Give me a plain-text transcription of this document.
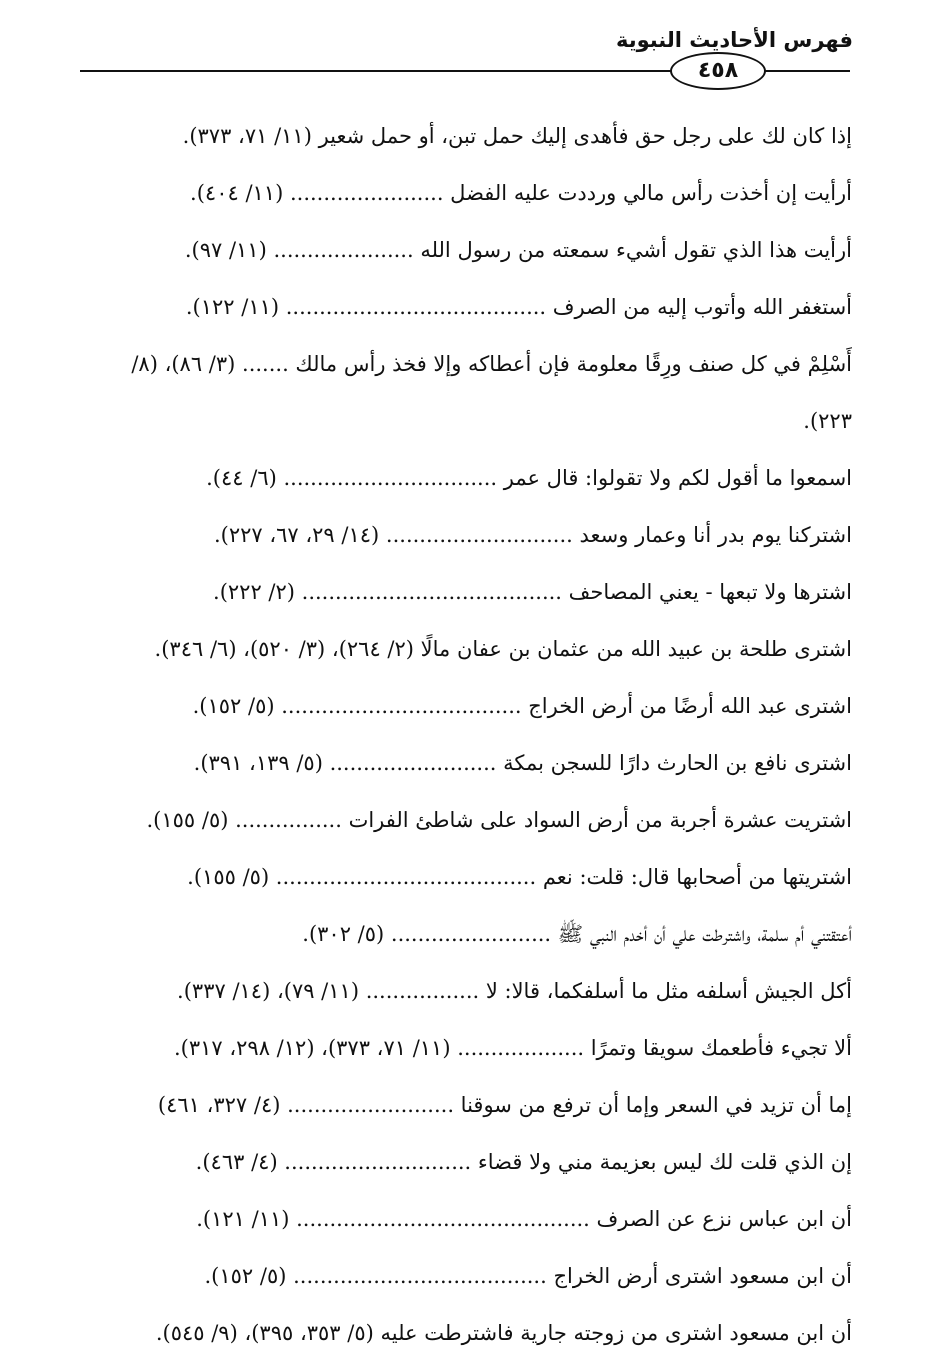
فهرس الأحاديث النبوية
٤٥٨
إذا كان لك على رجل حق فأهدى إليك حمل تبن، أو حمل شعير (١١/ ٧١، ٣٧٣).
أرأيت إن أخذت رأس مالي ورددت عليه الفضل ....................... (١١/ ٤٠٤).
أرأيت هذا الذي تقول أشيء سمعته من رسول الله ..................... (١١/ ٩٧).
أستغفر الله وأتوب إليه من الصرف ....................................... (١١/ ١٢٢).
أَسْلِمْ في كل صنف ورِقًا معلومة فإن أعطاكه وإلا فخذ رأس مالك ....... (٣/ ٨٦)، (٨/ ٢٢٣).
اسمعوا ما أقول لكم ولا تقولوا: قال عمر ................................ (٦/ ٤٤).
اشتركنا يوم بدر أنا وعمار وسعد ............................ (١٤/ ٢٩، ٦٧، ٢٢٧).
اشترها ولا تبعها - يعني المصاحف ....................................... (٢/ ٢٢٢).
اشترى طلحة بن عبيد الله من عثمان بن عفان مالًا (٢/ ٢٦٤)، (٣/ ٥٢٠)، (٦/ ٣٤٦).
اشترى عبد الله أرضًا من أرض الخراج .................................... (٥/ ١٥٢).
اشترى نافع بن الحارث دارًا للسجن بمكة ......................... (٥/ ١٣٩، ٣٩١).
اشتريت عشرة أجربة من أرض السواد على شاطئ الفرات ................ (٥/ ١٥٥).
اشتريتها من أصحابها قال: قلت: نعم ....................................... (٥/ ١٥٥).
أعتقتني أم سلمة، واشترطت علي أن أخدم النبي ﷺ ........................ (٥/ ٣٠٢).
أكل الجيش أسلفه مثل ما أسلفكما، قالا: لا ................. (١١/ ٧٩)، (١٤/ ٣٣٧).
ألا تجيء فأطعمك سويقا وتمرًا ................... (١١/ ٧١، ٣٧٣)، (١٢/ ٢٩٨، ٣١٧).
إما أن تزيد في السعر وإما أن ترفع من سوقنا ......................... (٤/ ٣٢٧، ٤٦١)
إن الذي قلت لك ليس بعزيمة مني ولا قضاء ............................ (٤/ ٤٦٣).
أن ابن عباس نزع عن الصرف ............................................ (١١/ ١٢١).
أن ابن مسعود اشترى أرض الخراج ...................................... (٥/ ١٥٢).
أن ابن مسعود اشترى من زوجته جارية فاشترطت عليه (٥/ ٣٥٣، ٣٩٥)، (٩/ ٥٤٥).
